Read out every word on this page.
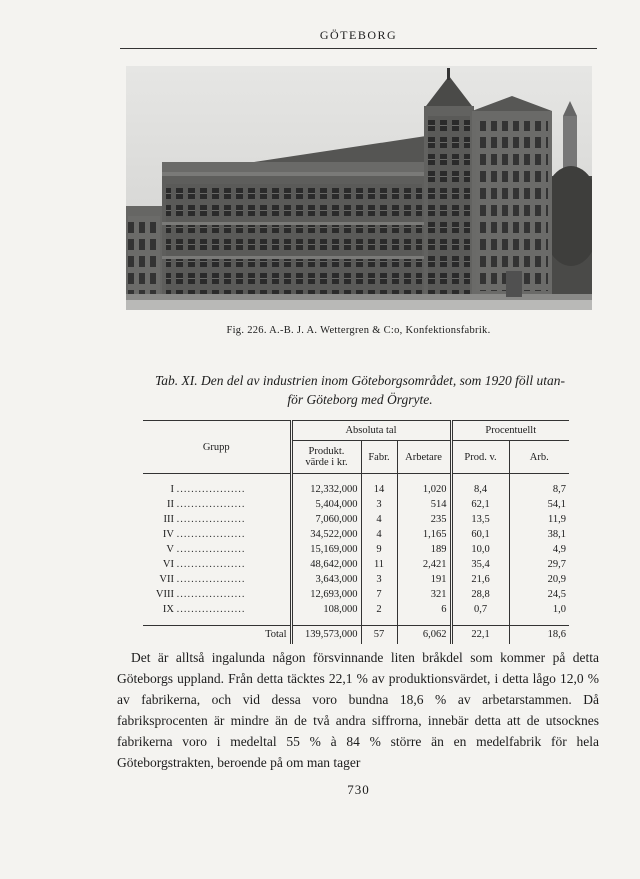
GÖTEBORG
Fig. 226. A.-B. J. A. Wettergren & C:o, Konfektionsfabrik.
Tab. XI. Den del av industrien inom Göteborgsområdet, som 1920 föll utan-
för Göteborg med Örgryte.
Grupp	Absoluta tal			Procentuellt	

	Produkt.
värde i kr.	Fabr.	Arbetare	Prod. v.	Arb.

I ...................	12,332,000	14	1,020	8,4	8,7
II ...................	5,404,000	3	514	62,1	54,1
III ...................	7,060,000	4	235	13,5	11,9
IV ...................	34,522,000	4	1,165	60,1	38,1
V ...................	15,169,000	9	189	10,0	4,9
VI ...................	48,642,000	11	2,421	35,4	29,7
VII ...................	3,643,000	3	191	21,6	20,9
VIII ...................	12,693,000	7	321	28,8	24,5
IX ...................	108,000	2	6	0,7	1,0

Total	139,573,000	57	6,062	22,1	18,6

Det är alltså ingalunda någon försvinnande liten bråkdel som kommer på detta Göteborgs uppland. Från detta täcktes 22,1 % av produktionsvärdet, i detta lågo 12,0 % av fabrikerna, och vid dessa voro bundna 18,6 % av arbetarstammen. Då fabriksprocenten är mindre än de två andra siffrorna, innebär detta att de utsocknes fabrikerna voro i medeltal 55 % à 84 % större än en medelfabrik för hela Göteborgstrakten, beroende på om man tager

730
